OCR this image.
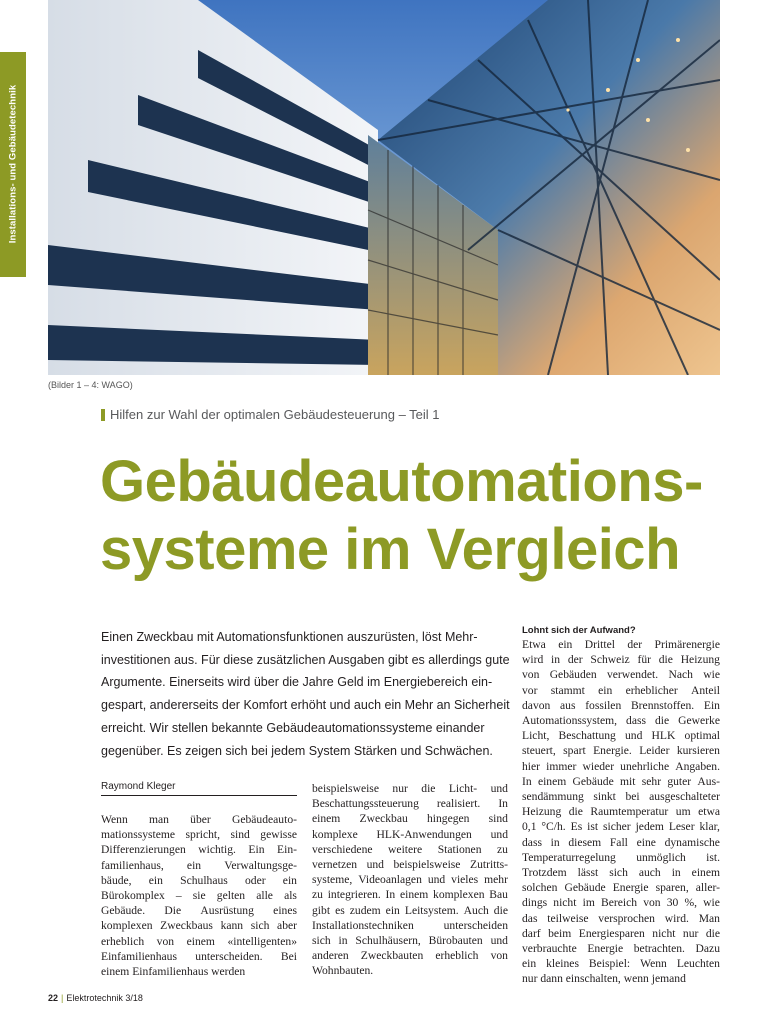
Installations- und Gebäudetechnik
(Bilder 1 – 4: WAGO)
Hilfen zur Wahl der optimalen Gebäudesteuerung – Teil 1
Gebäudeautomations-
systeme im Vergleich
Einen Zweckbau mit Automationsfunktionen auszurüsten, löst Mehr-
investitionen aus. Für diese zusätzlichen Ausgaben gibt es allerdings gute
Argumente. Einerseits wird über die Jahre Geld im Energiebereich ein-
gespart, andererseits der Komfort erhöht und auch ein Mehr an Sicherheit
erreicht. Wir stellen bekannte Gebäudeautomationssysteme einander
gegenüber. Es zeigen sich bei jedem System Stärken und Schwächen.
Raymond Kleger
Wenn man über Gebäudeauto-
mationssysteme spricht, sind gewisse
Differenzierungen wichtig. Ein Ein-
familienhaus, ein Verwaltungsge-
bäude, ein Schulhaus oder ein
Bürokomplex – sie gelten alle als
Gebäude. Die Ausrüstung eines
komplexen Zweckbaus kann sich aber
erheblich von einem «intelligenten»
Einfamilienhaus unterscheiden. Bei
einem Einfamilienhaus werden
beispielsweise nur die Licht- und
Beschattungssteuerung realisiert. In
einem Zweckbau hingegen sind
komplexe HLK-Anwendungen und
verschiedene weitere Stationen zu
vernetzen und beispielsweise Zutritts-
systeme, Videoanlagen und vieles mehr
zu integrieren. In einem komplexen Bau
gibt es zudem ein Leitsystem. Auch die
Installationstechniken	unterscheiden
sich in Schulhäusern, Bürobauten und
anderen Zweckbauten erheblich von
Wohnbauten.
Lohnt sich der Aufwand?
Etwa ein Drittel der Primärenergie
wird in der Schweiz für die Heizung
von Gebäuden verwendet. Nach wie
vor stammt ein erheblicher Anteil
davon aus fossilen Brennstoffen. Ein
Automationssystem, dass die Gewerke
Licht, Beschattung und HLK optimal
steuert, spart Energie. Leider kursieren
hier immer wieder unehrliche Angaben.
In einem Gebäude mit sehr guter Aus-
sendämmung sinkt bei ausgeschalteter
Heizung die Raumtemperatur um etwa
0,1 °C/h. Es ist sicher jedem Leser klar,
dass in diesem Fall eine dynamische
Temperaturregelung unmöglich ist.
Trotzdem lässt sich auch in einem
solchen Gebäude Energie sparen, aller-
dings nicht im Bereich von 30 %, wie
das teilweise versprochen wird. Man
darf beim Energiesparen nicht nur die
verbrauchte Energie betrachten. Dazu
ein kleines Beispiel: Wenn Leuchten
nur dann einschalten, wenn jemand
22 | Elektrotechnik 3/18
